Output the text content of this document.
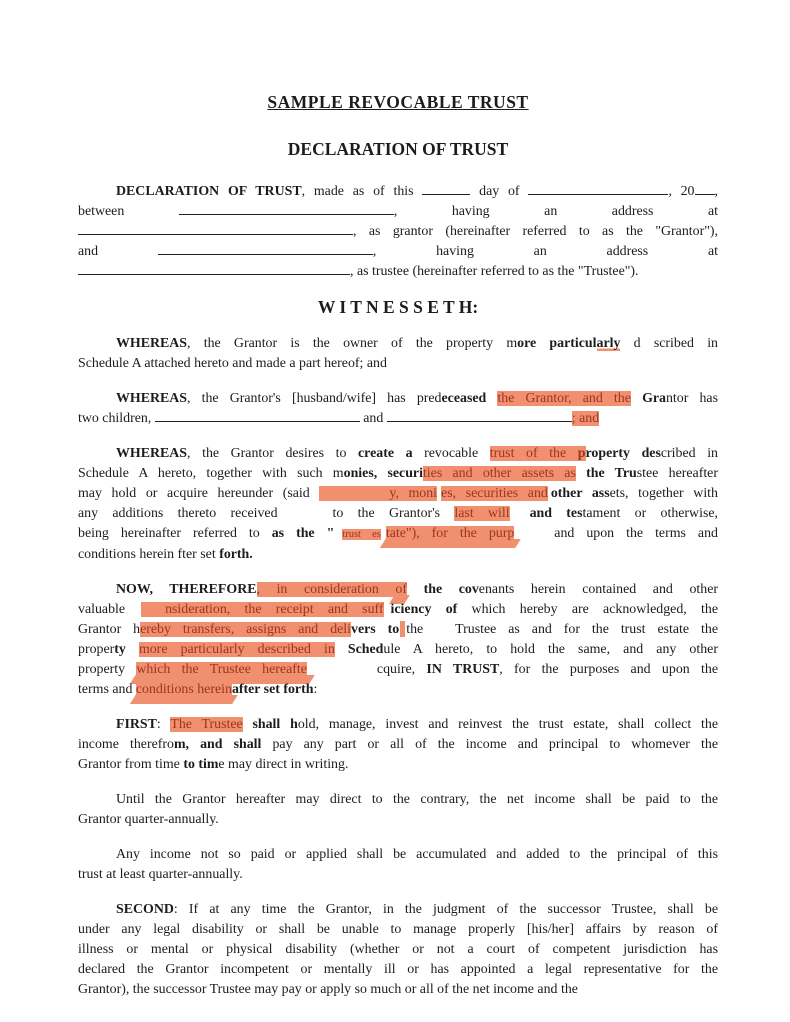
SAMPLE REVOCABLE TRUST
DECLARATION OF TRUST
DECLARATION OF TRUST, made as of this	day of	, 20 ,
between	, having an address at
, as grantor (hereinafter referred to as the "Grantor"),
and	, having an address at
, as trustee (hereinafter referred to as the "Trustee").
W I T N E S S E T H:
WHEREAS, the Grantor is the owner of the property more particularly d scribed in
Schedule A attached hereto and made a part hereof; and
WHEREAS, the Grantor's [husband/wife] has predeceased the Grantor, and the Grantor has
two children,	and	; and
WHEREAS, the Grantor desires to create a revocable trust of the property described in
Schedule A hereto, together with such monies, securities and other assets as the Trustee hereafter
may hold or acquire hereunder (said	y, moni es, securities and other assets, together with
any additions thereto received	to the Grantor's last will and testament or otherwise,
being hereinafter referred to as the " trust es tate"), for the purp	and upon the terms and
conditions herein fter set forth.
NOW, THEREFORE, in consideration of the covenants herein contained and other
valuable	nsideration, the receipt and suff iciency of which hereby are acknowledged, the
Grantor hereby transfers, assigns and delivers to the Trustee as and for the trust estate the
property more particularly described in Schedule A hereto, to hold the same, and any other
property which the Trustee hereafte	cquire, IN TRUST, for the purposes and upon the
terms and conditions hereinafter set forth:
FIRST: The Trustee shall hold, manage, invest and reinvest the trust estate, shall collect the
income therefrom, and shall pay any part or all of the income and principal to whomever the
Grantor from time to time may direct in writing.
Until the Grantor hereafter may direct to the contrary, the net income shall be paid to the
Grantor quarter-annually.
Any income not so paid or applied shall be accumulated and added to the principal of this
trust at least quarter-annually.
SECOND: If at any time the Grantor, in the judgment of the successor Trustee, shall be
under any legal disability or shall be unable to manage properly [his/her] affairs by reason of
illness or mental or physical disability (whether or not a court of competent jurisdiction has
declared the Grantor incompetent or mentally ill or has appointed a legal representative for the
Grantor), the successor Trustee may pay or apply so much or all of the net income and the
